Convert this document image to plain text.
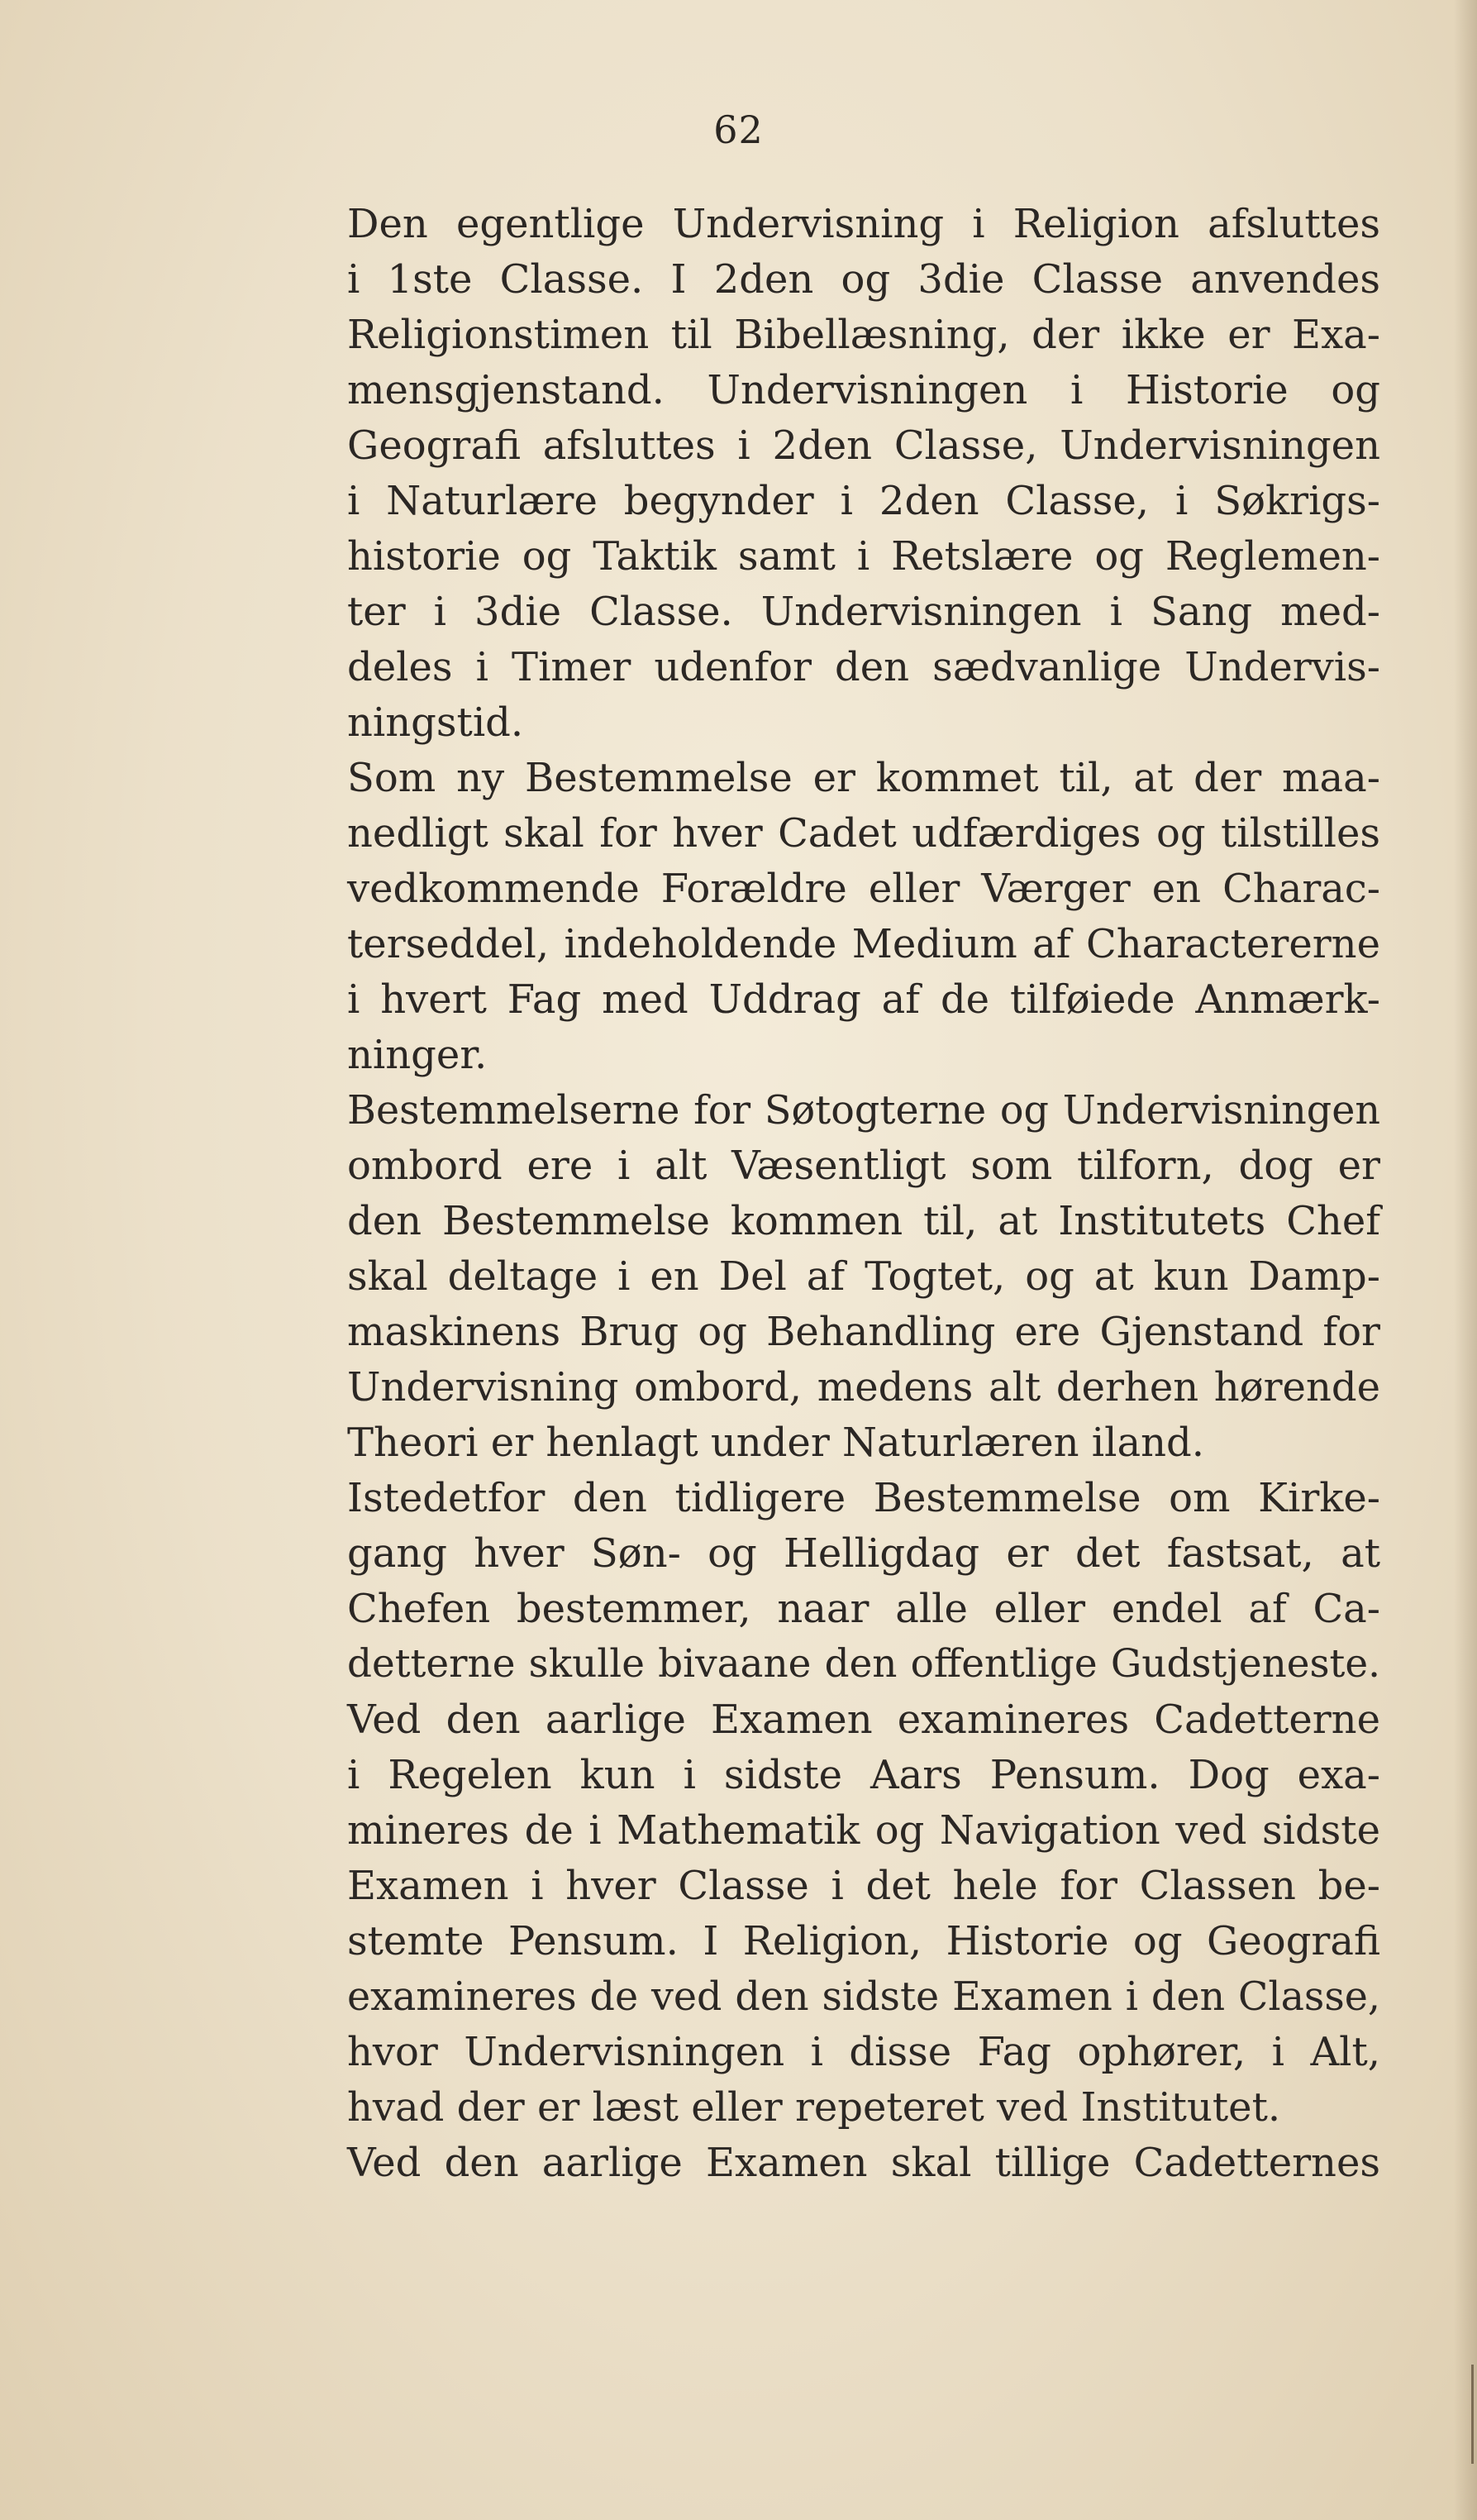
62
Den egentlige Undervisning i Religion afsluttes
i 1ste Classe. I 2den og 3die Classe anvendes
Religionstimen til Bibellæsning, der ikke er Exa-
mensgjenstand. Undervisningen i Historie og
Geografi afsluttes i 2den Classe, Undervisningen
i Naturlære begynder i 2den Classe, i Søkrigs-
historie og Taktik samt i Retslære og Reglemen-
ter i 3die Classe. Undervisningen i Sang med-
deles i Timer udenfor den sædvanlige Undervis-
ningstid.
Som ny Bestemmelse er kommet til, at der maa-
nedligt skal for hver Cadet udfærdiges og tilstilles
vedkommende Forældre eller Værger en Charac-
terseddel, indeholdende Medium af Charactererne
i hvert Fag med Uddrag af de tilføiede Anmærk-
ninger.
Bestemmelserne for Søtogterne og Undervisningen
ombord ere i alt Væsentligt som tilforn, dog er
den Bestemmelse kommen til, at Institutets Chef
skal deltage i en Del af Togtet, og at kun Damp-
maskinens Brug og Behandling ere Gjenstand for
Undervisning ombord, medens alt derhen hørende
Theori er henlagt under Naturlæren iland.
Istedetfor den tidligere Bestemmelse om Kirke-
gang hver Søn- og Helligdag er det fastsat, at
Chefen bestemmer, naar alle eller endel af Ca-
detterne skulle bivaane den offentlige Gudstjeneste.
Ved den aarlige Examen examineres Cadetterne
i Regelen kun i sidste Aars Pensum. Dog exa-
mineres de i Mathematik og Navigation ved sidste
Examen i hver Classe i det hele for Classen be-
stemte Pensum. I Religion, Historie og Geografi
examineres de ved den sidste Examen i den Classe,
hvor Undervisningen i disse Fag ophører, i Alt,
hvad der er læst eller repeteret ved Institutet.
Ved den aarlige Examen skal tillige Cadetternes
